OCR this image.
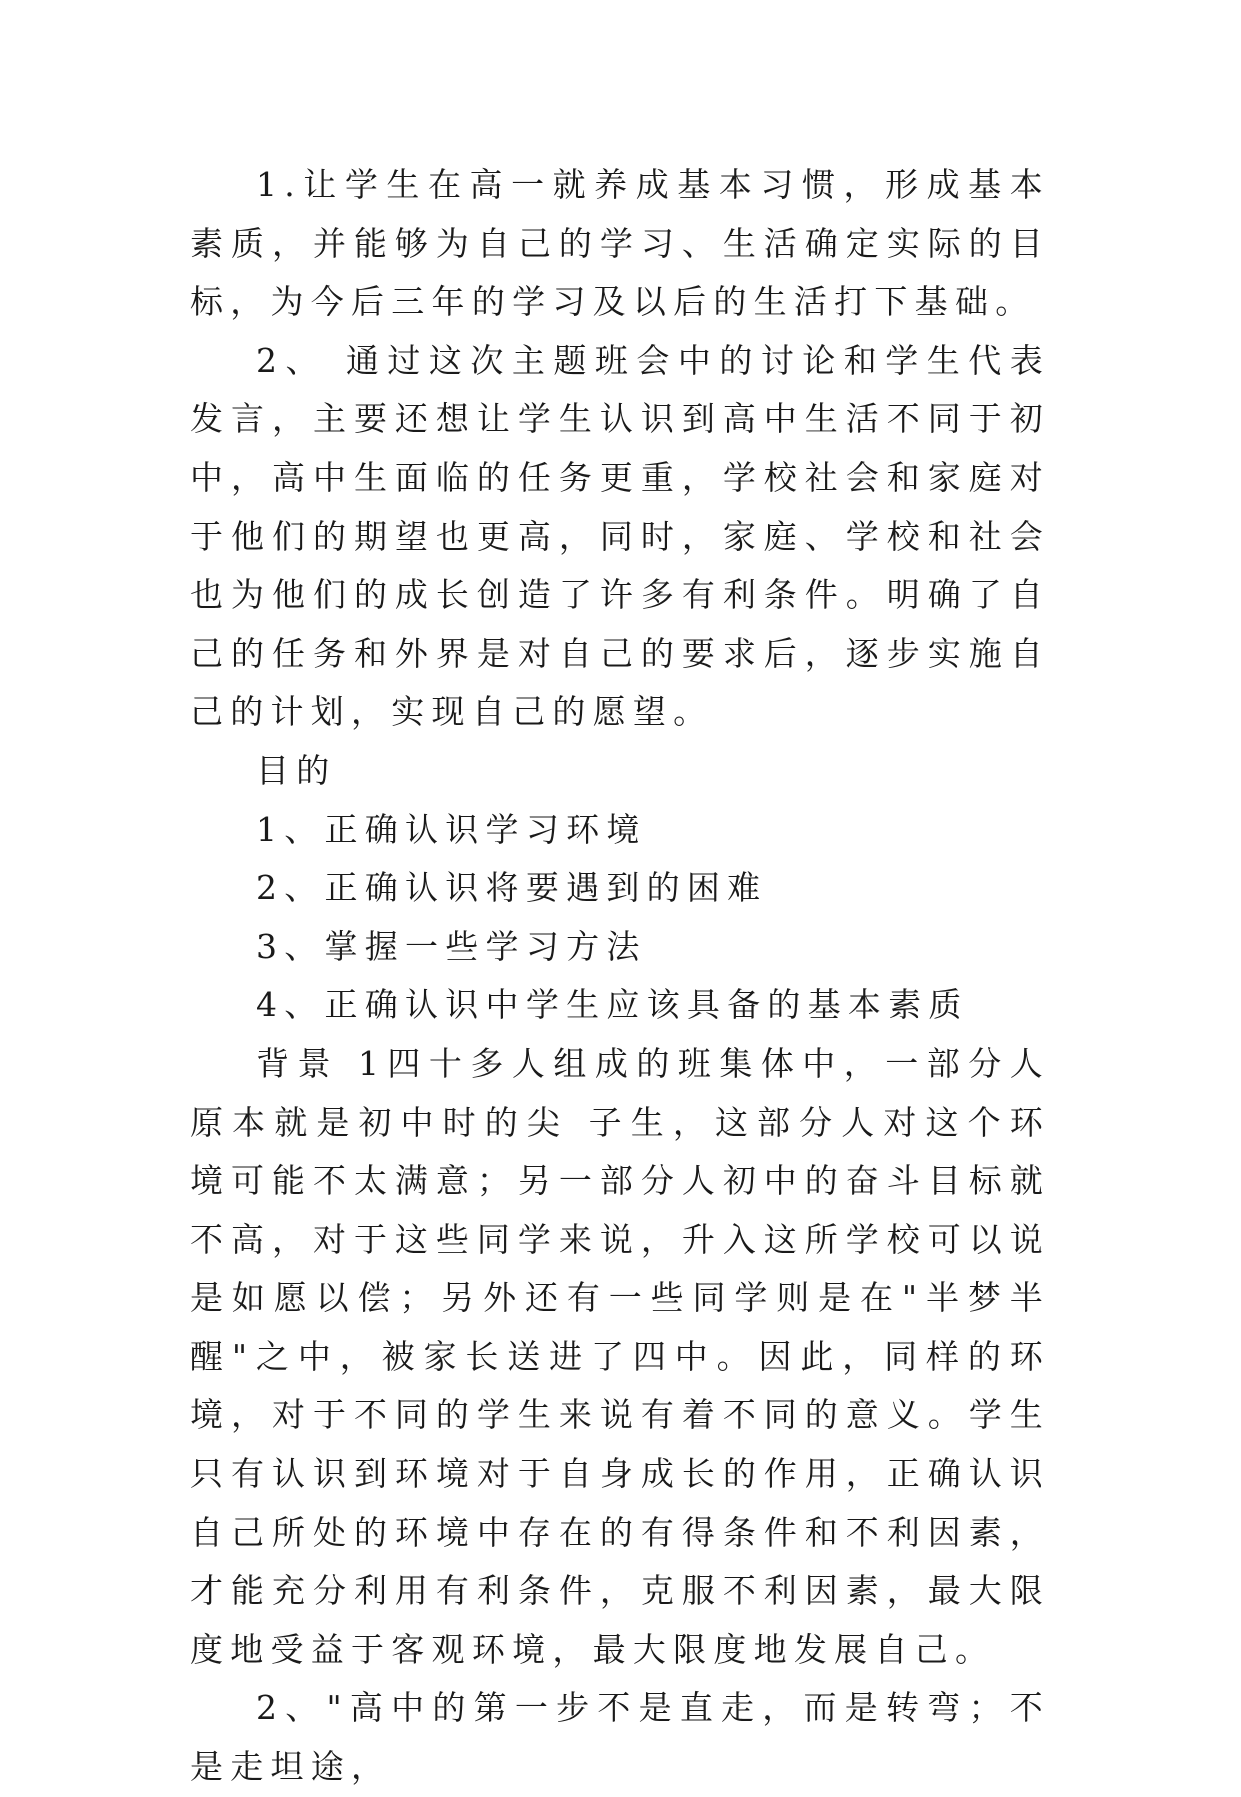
1.让学生在高一就养成基本习惯，形成基本素质，并能够为自己的学习、生活确定实际的目标，为今后三年的学习及以后的生活打下基础。

2、 通过这次主题班会中的讨论和学生代表发言，主要还想让学生认识到高中生活不同于初中，高中生面临的任务更重，学校社会和家庭对于他们的期望也更高，同时，家庭、学校和社会也为他们的成长创造了许多有利条件。明确了自己的任务和外界是对自己的要求后，逐步实施自己的计划，实现自己的愿望。

目的

1、正确认识学习环境

2、正确认识将要遇到的困难

3、掌握一些学习方法

4、正确认识中学生应该具备的基本素质

背景 1四十多人组成的班集体中，一部分人原本就是初中时的尖 子生，这部分人对这个环境可能不太满意；另一部分人初中的奋斗目标就不高，对于这些同学来说，升入这所学校可以说是如愿以偿；另外还有一些同学则是在"半梦半醒"之中，被家长送进了四中。因此，同样的环境，对于不同的学生来说有着不同的意义。学生只有认识到环境对于自身成长的作用，正确认识自己所处的环境中存在的有得条件和不利因素，才能充分利用有利条件，克服不利因素，最大限度地受益于客观环境，最大限度地发展自己。

2、"高中的第一步不是直走，而是转弯；不是走坦途，
